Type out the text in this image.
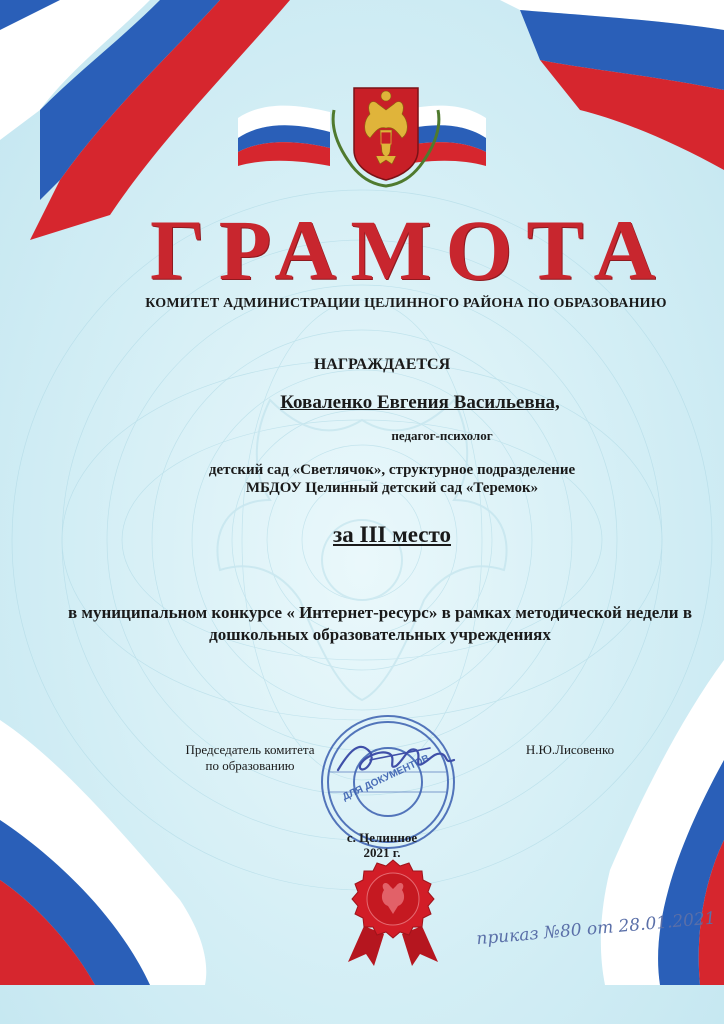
ГРАМОТА
КОМИТЕТ АДМИНИСТРАЦИИ ЦЕЛИННОГО РАЙОНА ПО ОБРАЗОВАНИЮ
НАГРАЖДАЕТСЯ
Коваленко Евгения Васильевна,
педагог-психолог
детский сад «Светлячок», структурное подразделение
МБДОУ Целинный детский сад «Теремок»
за III место
в муниципальном конкурсе « Интернет-ресурс» в рамках методической недели в дошкольных образовательных учреждениях
Председатель комитета
по образованию
Н.Ю.Лисовенко
ДЛЯ ДОКУМЕНТОВ
с. Целинное
2021 г.
приказ №80 от 28.01.2021
